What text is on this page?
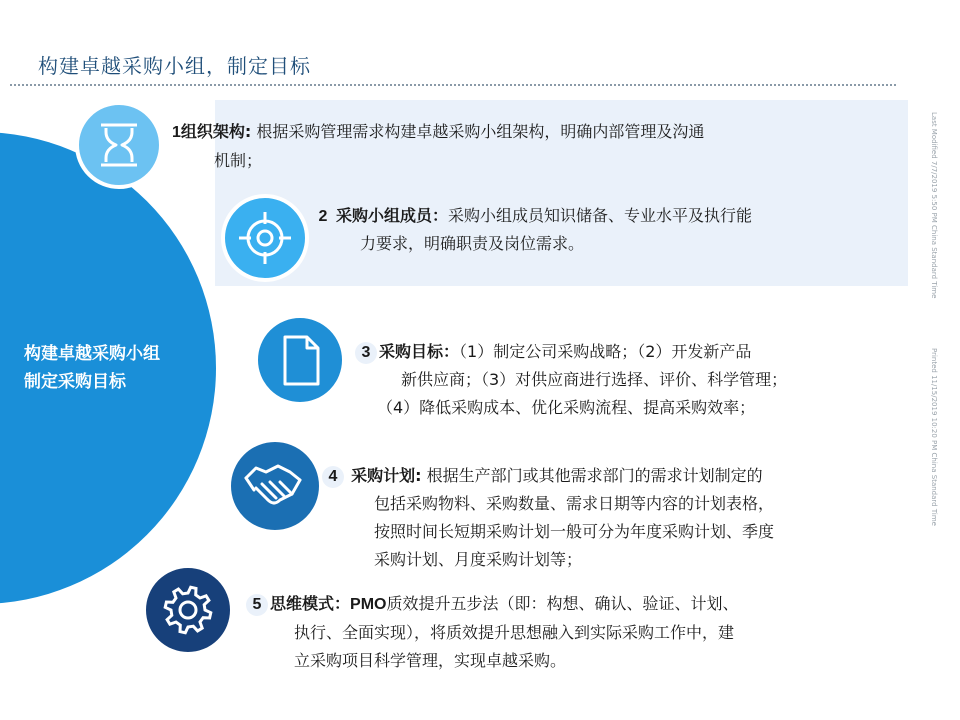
构建卓越采购小组，制定目标
构建卓越采购小组
制定采购目标
1组织架构: 根据采购管理需求构建卓越采购小组架构，明确内部管理及沟通
机制；
2 采购小组成员：采购小组成员知识储备、专业水平及执行能
力要求，明确职责及岗位需求。
3 采购目标：（1）制定公司采购战略；（2）开发新产品
新供应商；（3）对供应商进行选择、评价、科学管理；
（4）降低采购成本、优化采购流程、提高采购效率；
4 采购计划: 根据生产部门或其他需求部门的需求计划制定的
包括采购物料、采购数量、需求日期等内容的计划表格，
按照时间长短期采购计划一般可分为年度采购计划、季度
采购计划、月度采购计划等；
5 思维模式：PMO质效提升五步法（即：构想、确认、验证、计划、
执行、全面实现），将质效提升思想融入到实际采购工作中，建
立采购项目科学管理，实现卓越采购。
Last Modified 7/7/2019 5:50 PM China Standard Time
Printed 11/15/2019 10:20 PM China Standard Time
